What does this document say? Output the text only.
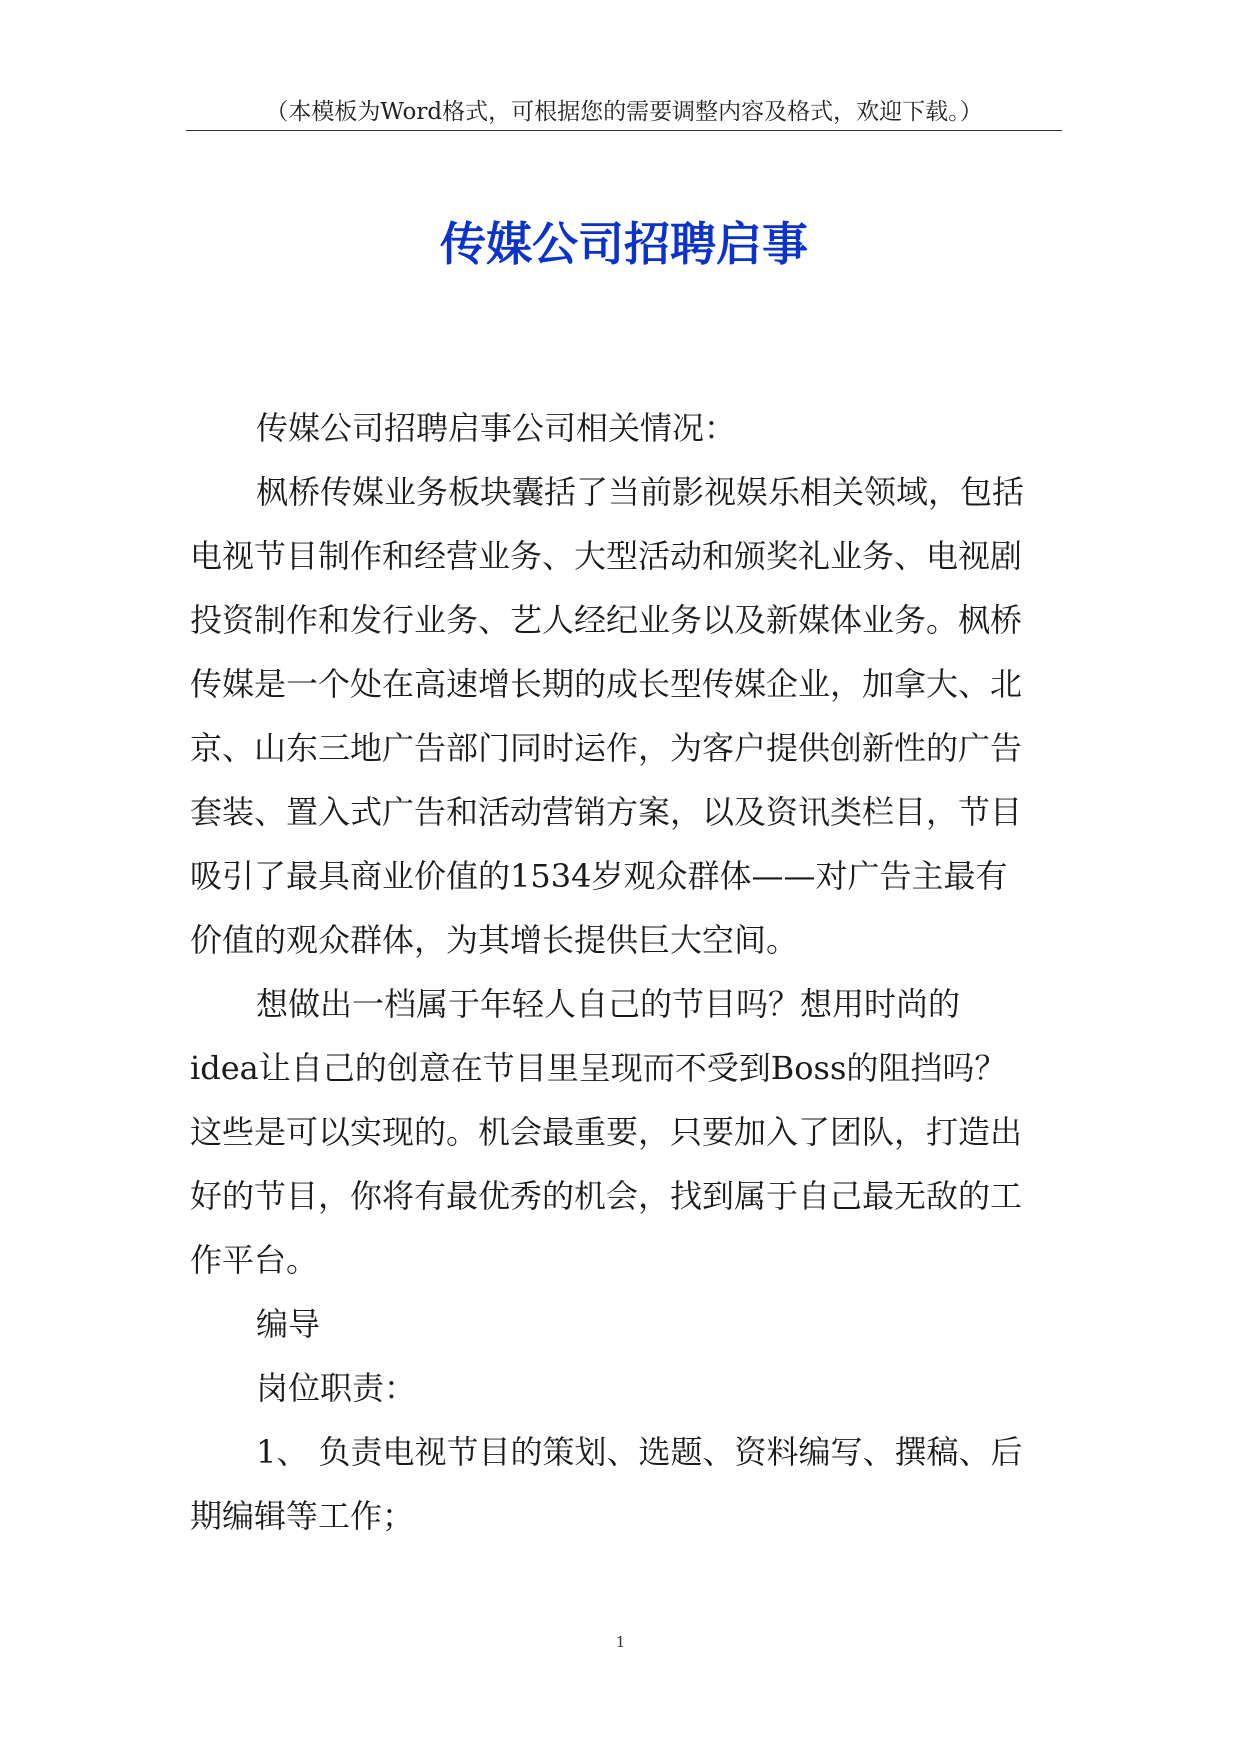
（本模板为Word格式，可根据您的需要调整内容及格式，欢迎下载。）
传媒公司招聘启事

传媒公司招聘启事公司相关情况：

枫桥传媒业务板块囊括了当前影视娱乐相关领域，包括
电视节目制作和经营业务、大型活动和颁奖礼业务、电视剧
投资制作和发行业务、艺人经纪业务以及新媒体业务。枫桥
传媒是一个处在高速增长期的成长型传媒企业，加拿大、北
京、山东三地广告部门同时运作，为客户提供创新性的广告
套装、置入式广告和活动营销方案，以及资讯类栏目，节目
吸引了最具商业价值的1534岁观众群体——对广告主最有
价值的观众群体，为其增长提供巨大空间。

想做出一档属于年轻人自己的节目吗？想用时尚的
idea让自己的创意在节目里呈现而不受到Boss的阻挡吗？
这些是可以实现的。机会最重要，只要加入了团队，打造出
好的节目，你将有最优秀的机会，找到属于自己最无敌的工
作平台。

编导

岗位职责：

1、 负责电视节目的策划、选题、资料编写、撰稿、后
期编辑等工作；

1
